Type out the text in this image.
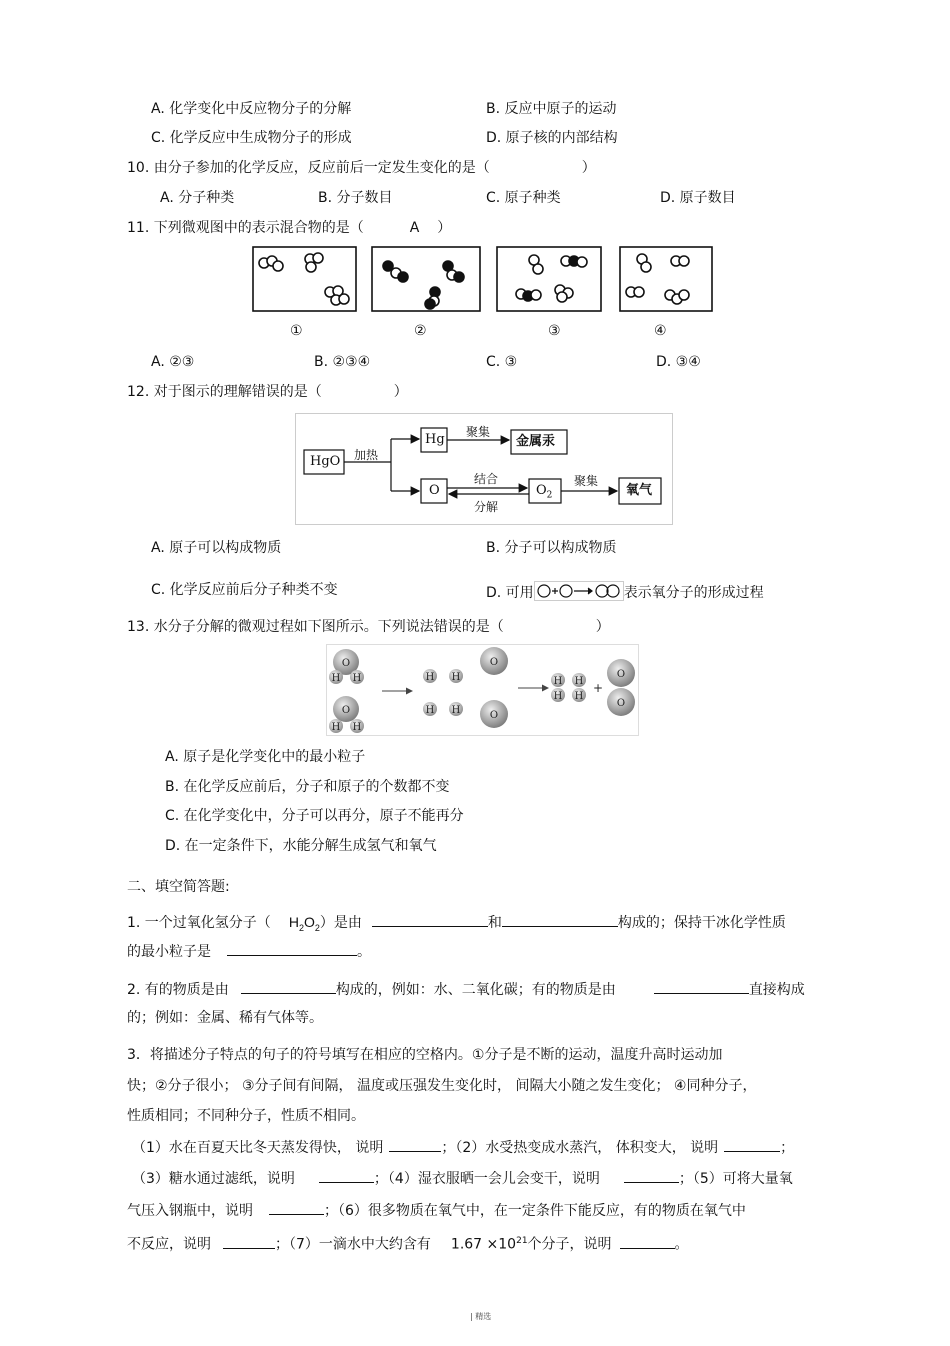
A. 化学变化中反应物分子的分解	B. 反应中原子的运动
C. 化学反应中生成物分子的形成	D. 原子核的内部结构
10. 由分子参加的化学反应，反应前后一定发生变化的是（	）
A. 分子种类	B. 分子数目	C. 原子种类	D. 原子数目
11. 下列微观图中的表示混合物的是（	A ）
①	②	③	④
A. ②③	B. ②③④	C. ③	D. ③④
12. 对于图示的理解错误的是（	）
HgO 加热
Hg 聚集
金属汞
O
结合
分解
$O_2$
聚集
氧气
A. 原子可以构成物质	B. 分子可以构成物质
C. 化学反应前后分子种类不变	D. 可用	表示氧分子的形成过程
13. 水分子分解的微观过程如下图所示。下列说法错误的是（	）
O
H H
O
H H
H H
H H
O
O
H
H
H
H
O
O
+
A. 原子是化学变化中的最小粒子
B. 在化学反应前后，分子和原子的个数都不变
C. 在化学变化中，分子可以再分，原子不能再分
D. 在一定条件下，水能分解生成氢气和氧气
二、填空简答题:
1. 一个过氧化氢分子（ $H_2O_2$）是由	和	构成的；保持干冰化学性质
的最小粒子是	。
2. 有的物质是由	构成的，例如：水、二氧化碳；有的物质是由	直接构成
的；例如：金属、稀有气体等。
3．将描述分子特点的句子的符号填写在相应的空格内。①分子是不断的运动，温度升高时运动加
快；②分子很小； ③分子间有间隔， 温度或压强发生变化时， 间隔大小随之发生变化； ④同种分子，
性质相同；不同种分子，性质不相同。
（1）水在百夏天比冬天蒸发得快， 说明	；（2）水受热变成水蒸汽， 体积变大， 说明	；
（3）糖水通过滤纸，说明	；（4）湿衣服晒一会儿会变干，说明	；（5）可将大量氧
气压入钢瓶中，说明	；（6）很多物质在氧气中，在一定条件下能反应，有的物质在氧气中
不反应，说明	；（7）一滴水中大约含有 $1.67 \times 10^{21}$个分子，说明	。
| 精选
